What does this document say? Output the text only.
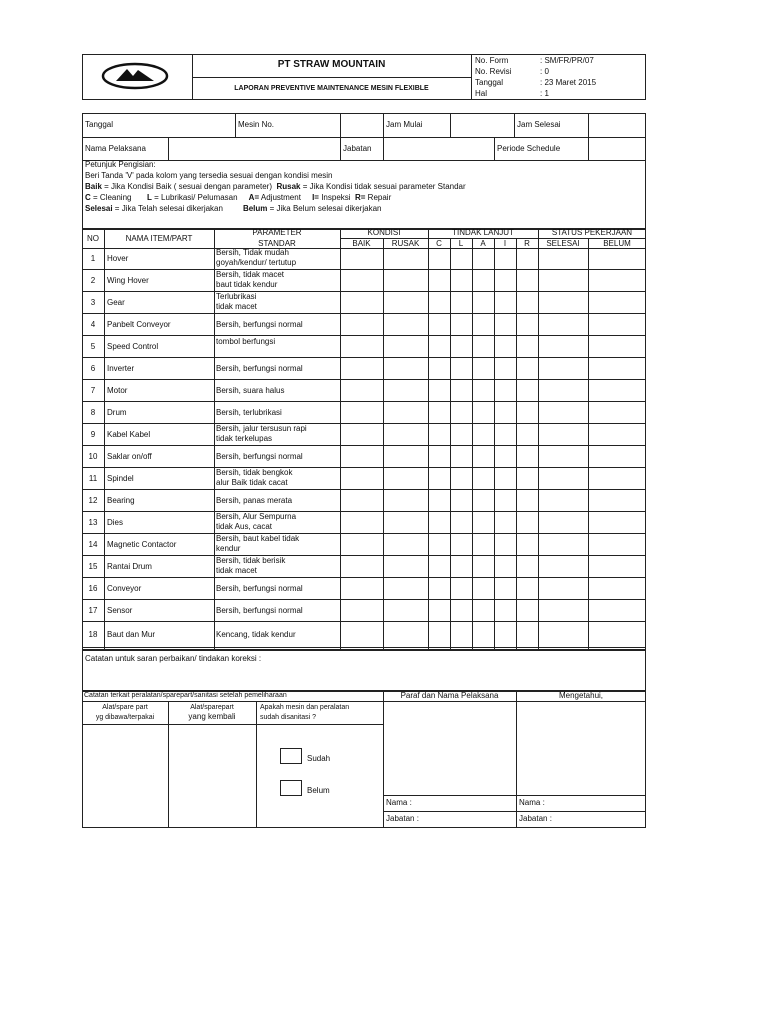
PT STRAW MOUNTAIN
LAPORAN PREVENTIVE MAINTENANCE MESIN FLEXIBLE
No. Form	: SM/FR/PR/07
No. Revisi	: 0
Tanggal	: 23 Maret 2015
Hal	: 1
Tanggal	Mesin No.	Jam Mulai	Jam Selesai
Nama Pelaksana	Jabatan	Periode Schedule
Petunjuk Pengisian:
Beri Tanda 'V' pada kolom yang tersedia sesuai dengan kondisi mesin
Baik = Jika Kondisi Baik ( sesuai dengan parameter) Rusak = Jika Kondisi tidak sesuai parameter Standar
C = Cleaning L = Lubrikasi/ Pelumasan A= Adjustment I= Inspeksi R= Repair
Selesai = Jika Telah selesai dikerjakan	Belum = Jika Belum selesai dikerjakan
NO	NAMA ITEM/PART
PARAMETER
STANDAR
KONDISI
BAIK	RUSAK
TINDAK LANJUT
C	L	A	I	R
STATUS PEKERJAAN
SELESAI	BELUM
1	Hover
Bersih, Tidak mudah
goyah/kendur/ tertutup
2	Wing Hover
Bersih, tidak macet
baut tidak kendur
3	Gear
Terlubrikasi
tidak macet
4	Panbelt Conveyor	Bersih, berfungsi normal
5	Speed Control
tombol berfungsi
6	Inverter	Bersih, berfungsi normal
7	Motor	Bersih, suara halus
8	Drum	Bersih, terlubrikasi
9	Kabel Kabel
Bersih, jalur tersusun rapi
tidak terkelupas
10	Saklar on/off	Bersih, berfungsi normal
11	Spindel
Bersih, tidak bengkok
alur Baik tidak cacat
12	Bearing	Bersih, panas merata
13	Dies
Bersih, Alur Sempurna
tidak Aus, cacat
14	Magnetic Contactor
Bersih, baut kabel tidak
kendur
15	Rantai Drum
Bersih, tidak berisik
tidak macet
16	Conveyor	Bersih, berfungsi normal
17	Sensor	Bersih, berfungsi normal
18	Baut dan Mur	Kencang, tidak kendur
Catatan untuk saran perbaikan/ tindakan koreksi :
Catatan terkait peralatan/sparepart/sanitasi setelah pemeliharaan	Paraf dan Nama Pelaksana	Mengetahui,
Alat/spare part
yg dibawa/terpakai
Alat/sparepart
yang kembali
Apakah mesin dan peralatan
sudah disanitasi ?
Sudah
Belum
Nama :
Jabatan :
Nama :
Jabatan :
